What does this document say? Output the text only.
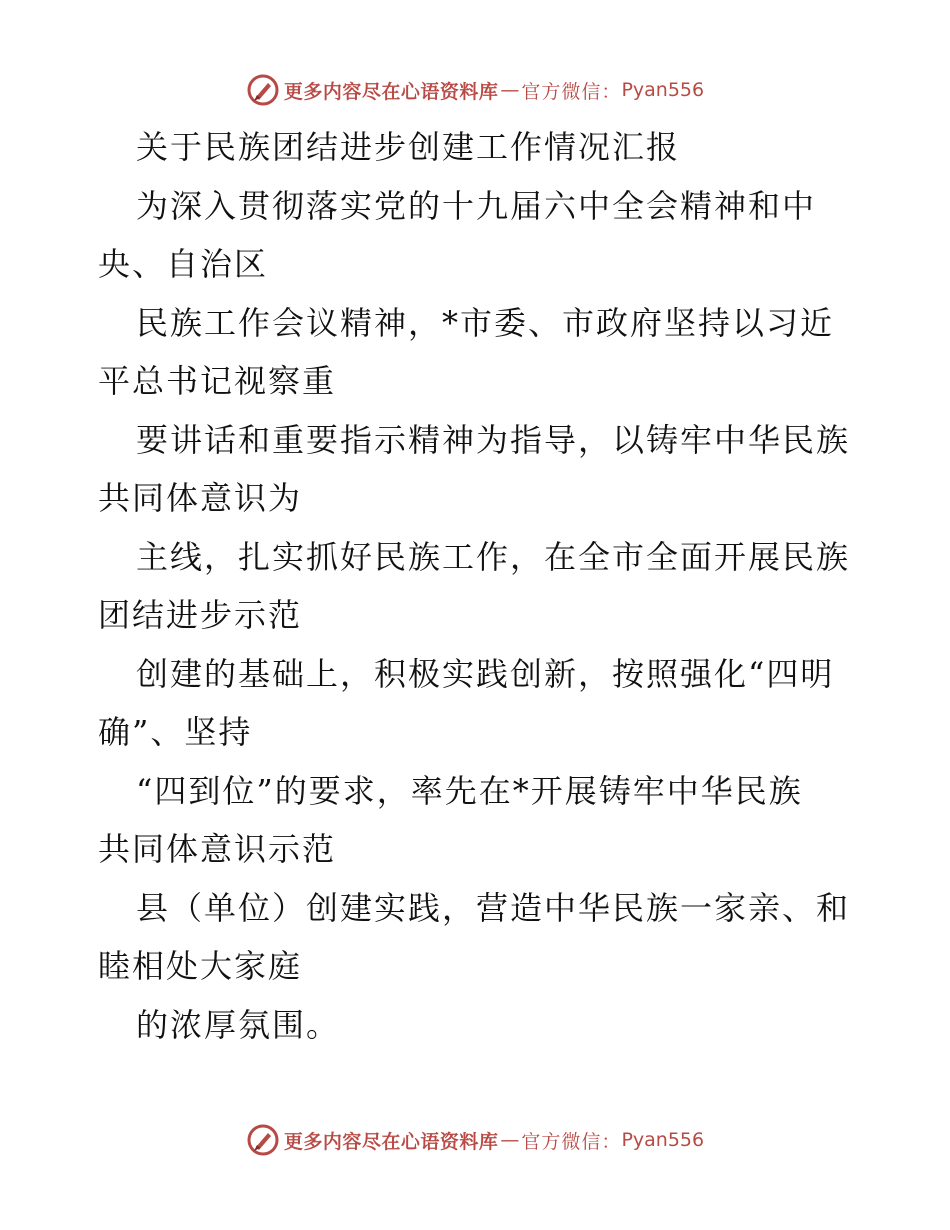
更多内容尽在心语资料库 — 官方微信： Pyan556
关于民族团结进步创建工作情况汇报
为深入贯彻落实党的十九届六中全会精神和中
央、自治区
民族工作会议精神，*市委、市政府坚持以习近
平总书记视察重
要讲话和重要指示精神为指导，以铸牢中华民族
共同体意识为
主线，扎实抓好民族工作，在全市全面开展民族
团结进步示范
创建的基础上，积极实践创新，按照强化“四明
确”、坚持
“四到位”的要求，率先在*开展铸牢中华民族
共同体意识示范
县（单位）创建实践，营造中华民族一家亲、和
睦相处大家庭
的浓厚氛围。
更多内容尽在心语资料库 — 官方微信： Pyan556
